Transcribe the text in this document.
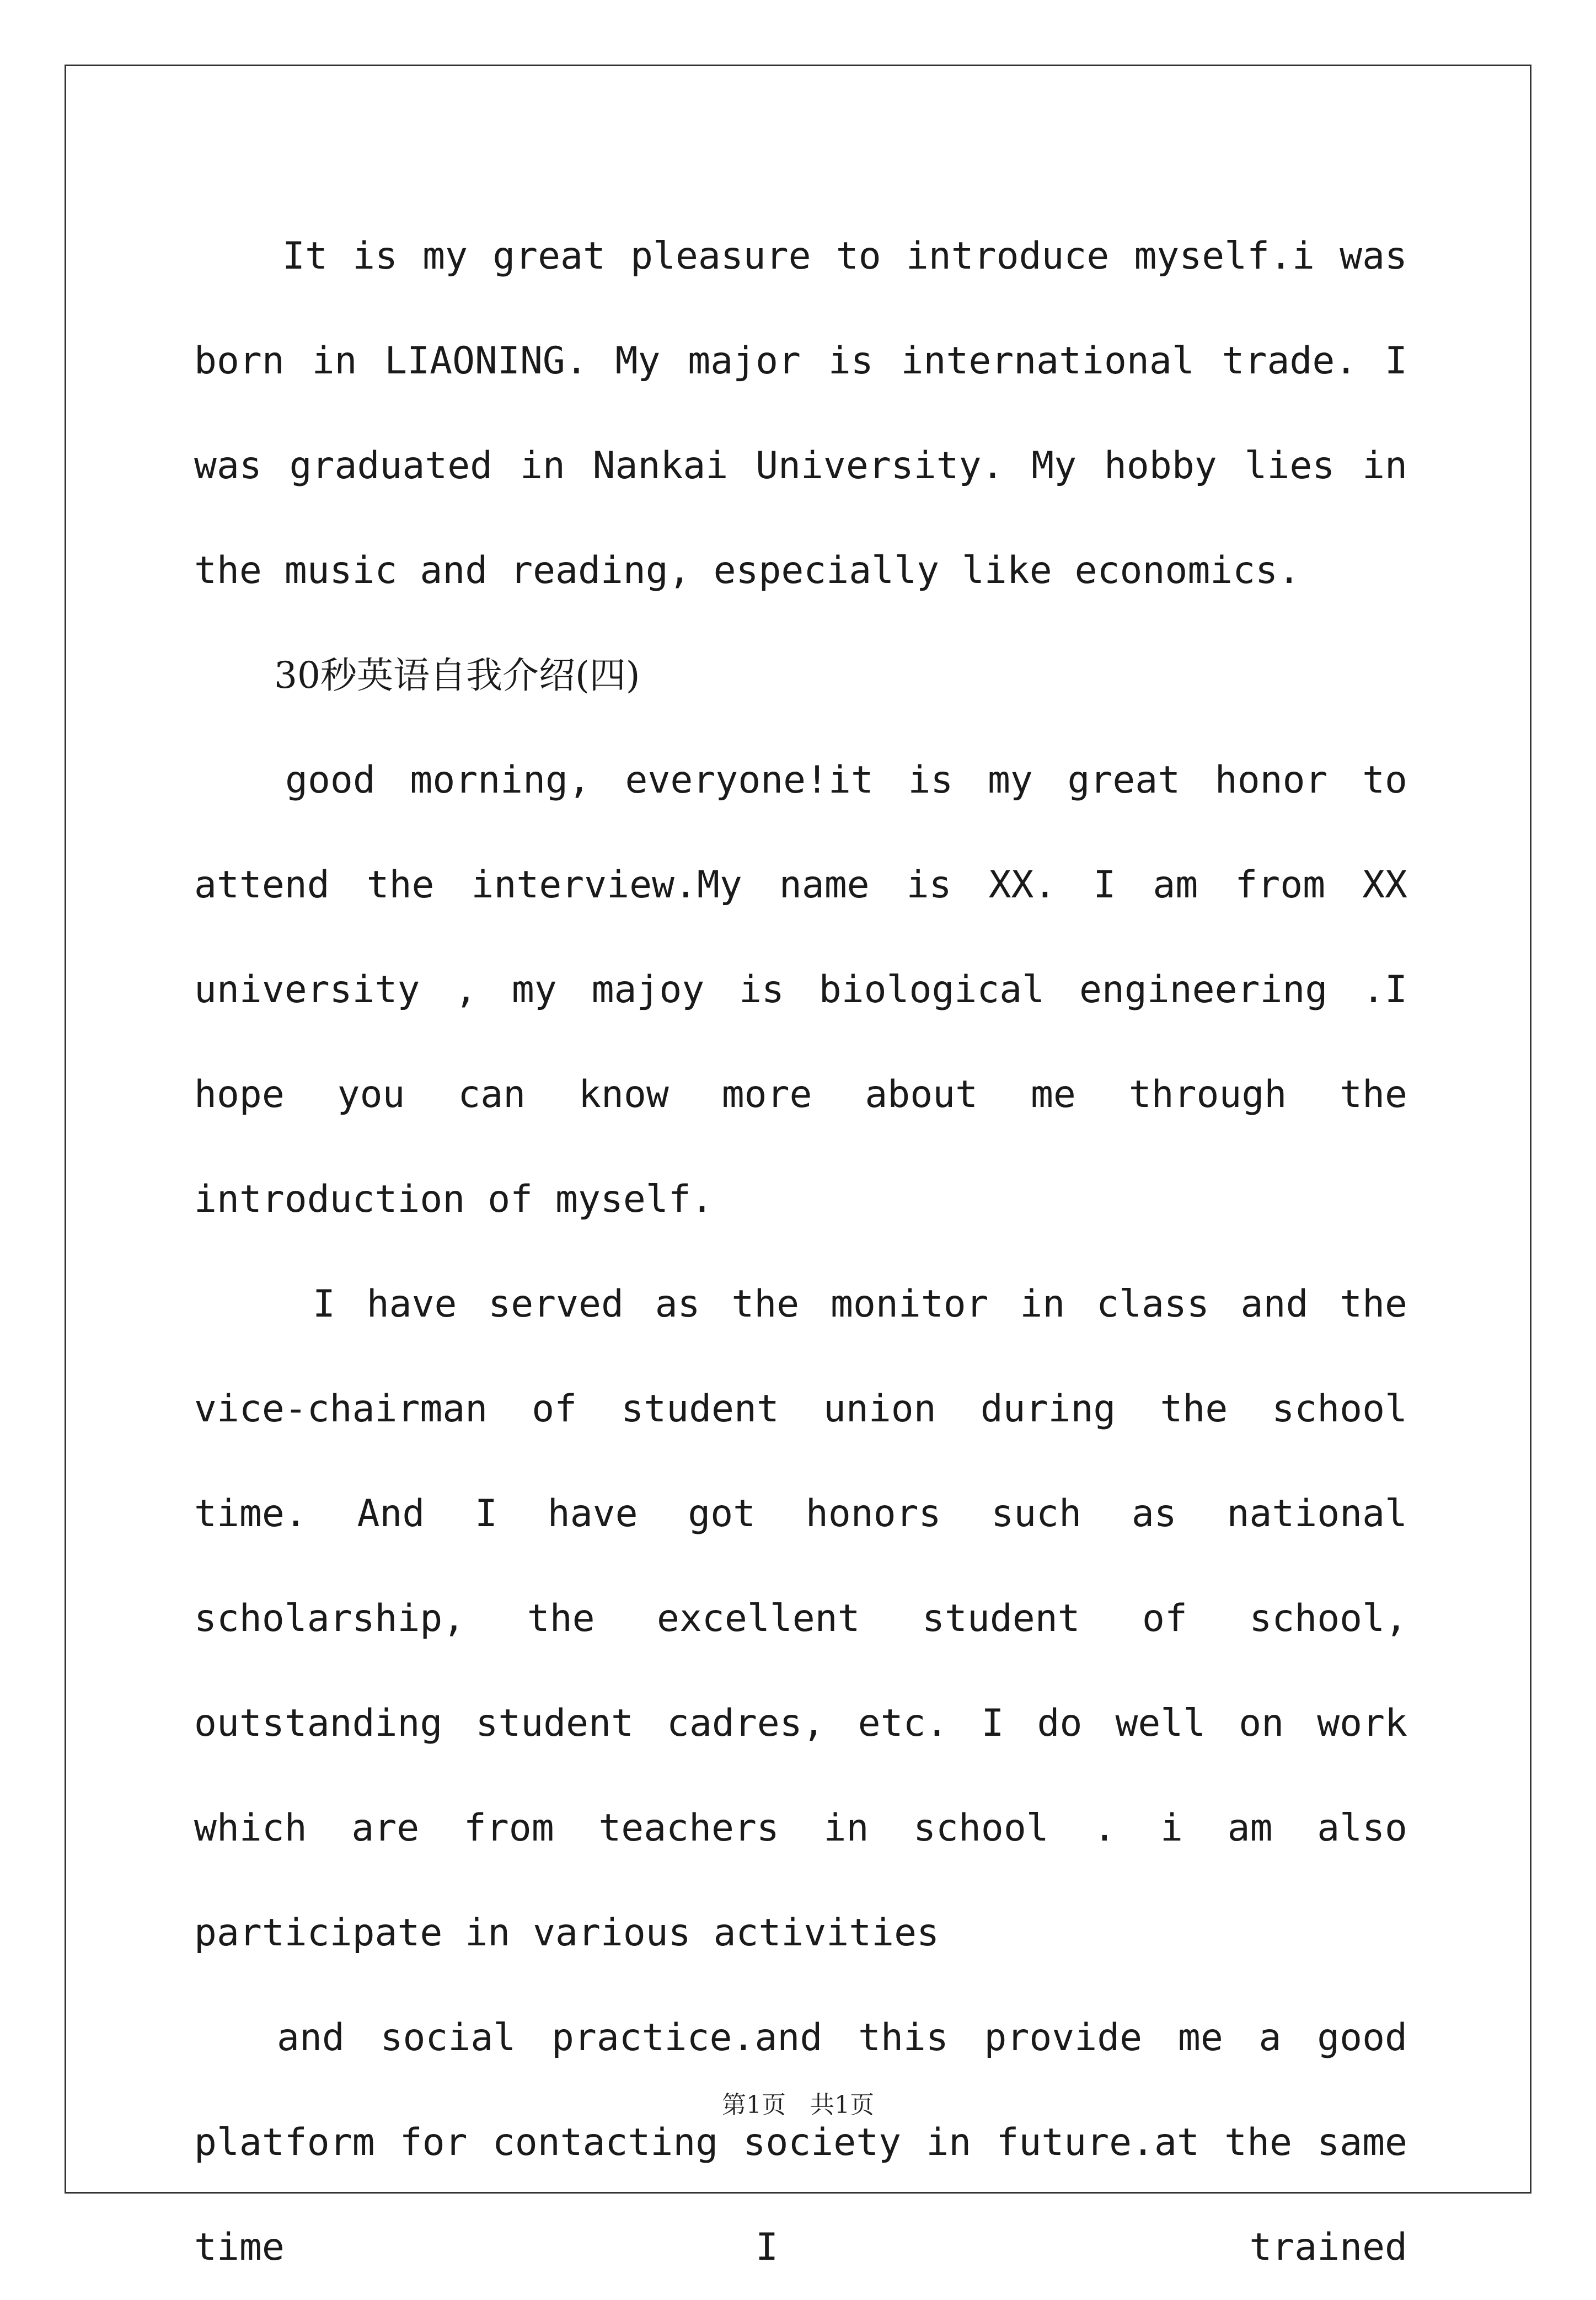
It is my great pleasure to introduce myself.i was born in LIAONING. My major is international trade. I was graduated in Nankai University. My hobby lies in the music and reading, especially like economics.

30秒英语自我介绍(四)

good morning, everyone!it is my great honor to attend the interview.My name is XX. I am from XX university , my majoy is biological engineering .I hope you can know more about me through the introduction of myself.

I have served as the monitor in class and the vice-chairman of student union during the school time. And I have got honors such as national scholarship, the excellent student of school, outstanding student cadres, etc. I do well on work which are from teachers in school . i am also participate in various activities

and social practice.and this provide me a good platform for contacting society in future.at the same time I trained

第1页　共1页
